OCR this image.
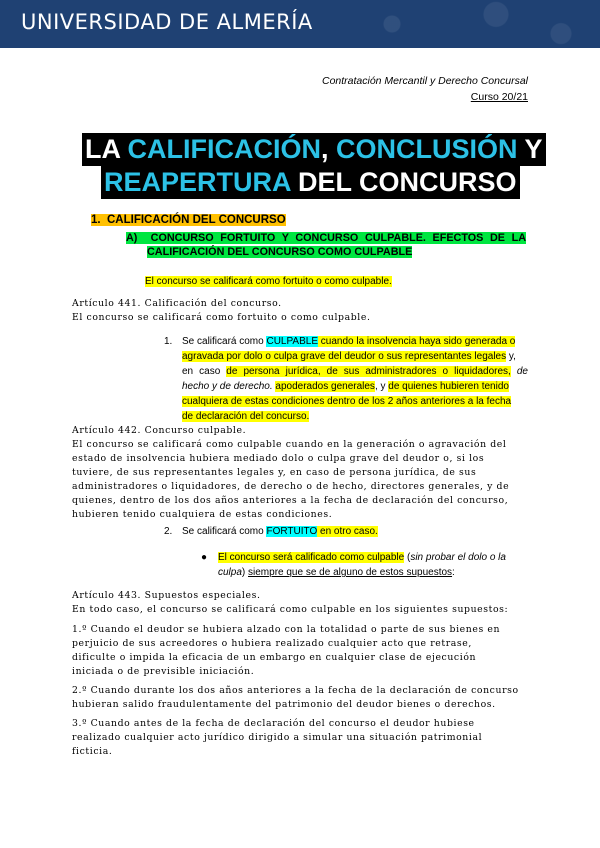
UNIVERSIDAD DE ALMERÍA
Contratación Mercantil y Derecho Concursal
Curso 20/21
LA CALIFICACIÓN, CONCLUSIÓN Y
REAPERTURA DEL CONCURSO
1. CALIFICACIÓN DEL CONCURSO
A) CONCURSO FORTUITO Y CONCURSO CULPABLE. EFECTOS DE LA
CALIFICACIÓN DEL CONCURSO COMO CULPABLE
El concurso se calificará como fortuito o como culpable.
Artículo 441. Calificación del concurso.
El concurso se calificará como fortuito o como culpable.
1. Se calificará como CULPABLE cuando la insolvencia haya sido generada o
agravada por dolo o culpa grave del deudor o sus representantes legales y,
en caso de persona jurídica, de sus administradores o liquidadores, de
hecho y de derecho. apoderados generales, y de quienes hubieren tenido
cualquiera de estas condiciones dentro de los 2 años anteriores a la fecha
de declaración del concurso.
Artículo 442. Concurso culpable.
El concurso se calificará como culpable cuando en la generación o agravación del
estado de insolvencia hubiera mediado dolo o culpa grave del deudor o, si los
tuviere, de sus representantes legales y, en caso de persona jurídica, de sus
administradores o liquidadores, de derecho o de hecho, directores generales, y de
quienes, dentro de los dos años anteriores a la fecha de declaración del concurso,
hubieren tenido cualquiera de estas condiciones.
2. Se calificará como FORTUITO en otro caso.
● El concurso será calificado como culpable (sin probar el dolo o la
culpa) siempre que se de alguno de estos supuestos:
Artículo 443. Supuestos especiales.
En todo caso, el concurso se calificará como culpable en los siguientes supuestos:
1.º Cuando el deudor se hubiera alzado con la totalidad o parte de sus bienes en
perjuicio de sus acreedores o hubiera realizado cualquier acto que retrase,
dificulte o impida la eficacia de un embargo en cualquier clase de ejecución
iniciada o de previsible iniciación.
2.º Cuando durante los dos años anteriores a la fecha de la declaración de concurso
hubieran salido fraudulentamente del patrimonio del deudor bienes o derechos.
3.º Cuando antes de la fecha de declaración del concurso el deudor hubiese
realizado cualquier acto jurídico dirigido a simular una situación patrimonial
ficticia.
